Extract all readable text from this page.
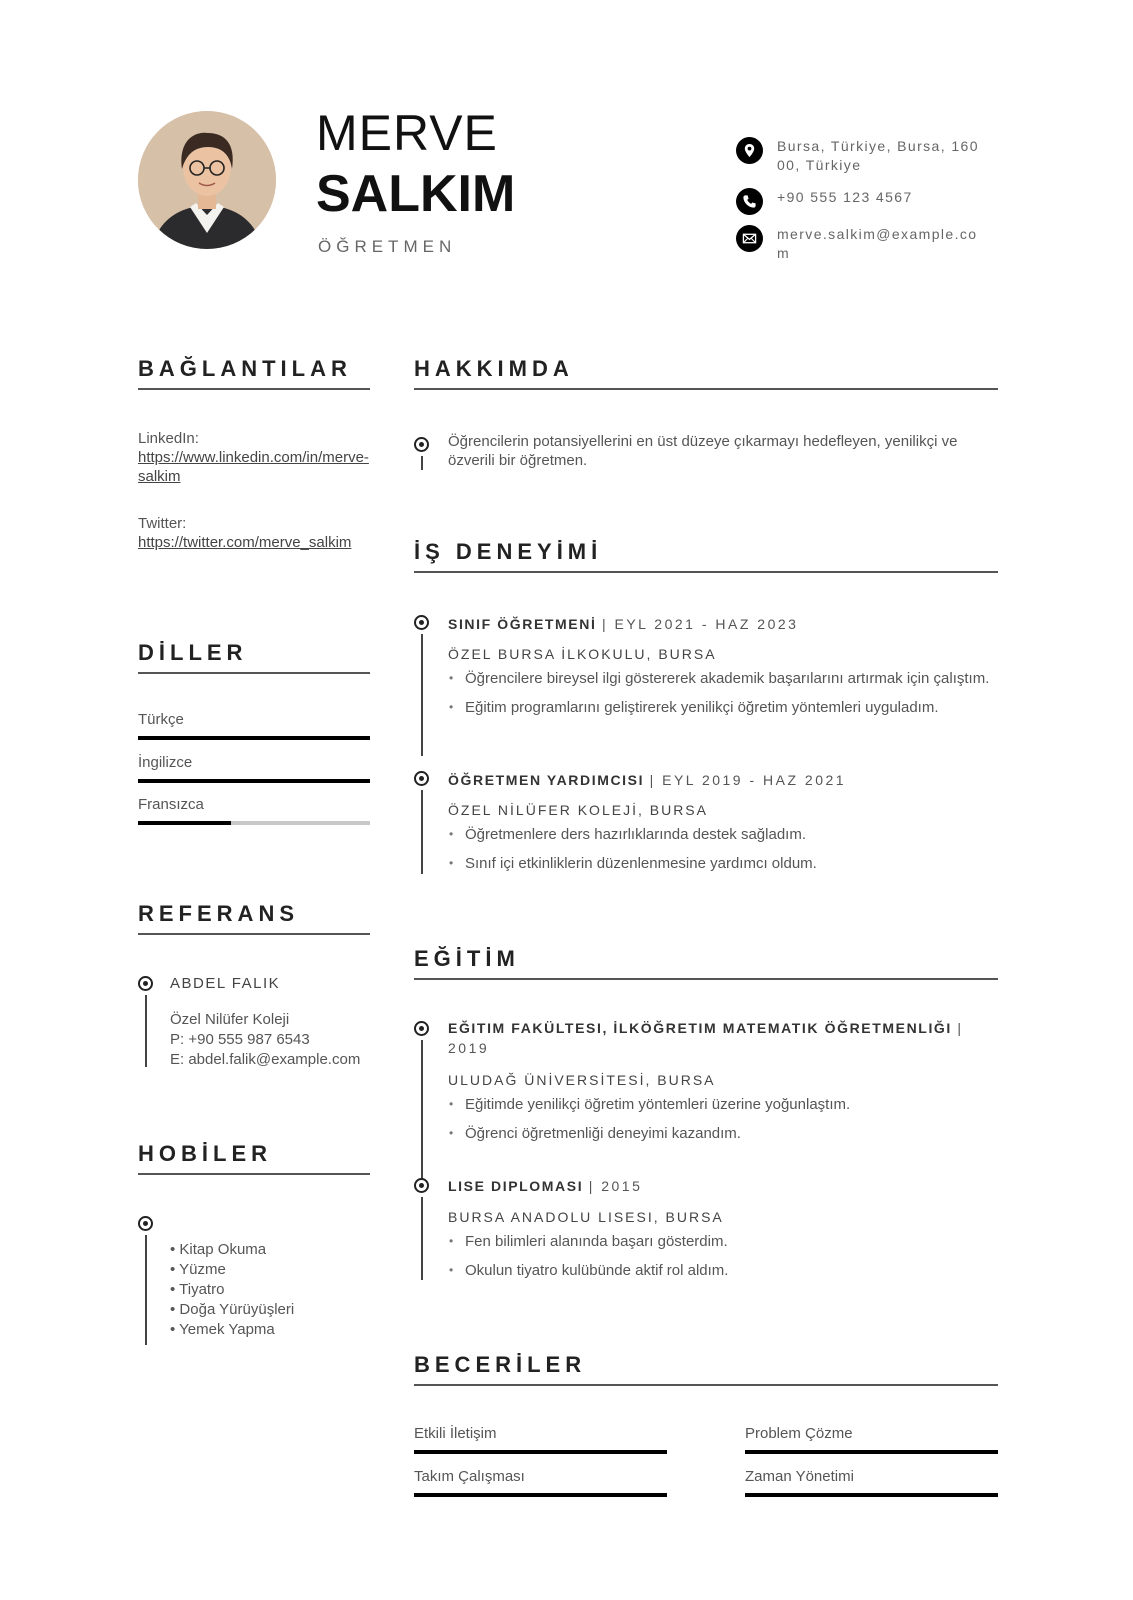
MERVE
SALKIM
ÖĞRETMEN
Bursa, Türkiye, Bursa, 16000, Türkiye
+90 555 123 4567
merve.salkim@example.com
BAĞLANTILAR
LinkedIn:
https://www.linkedin.com/in/merve-salkim
Twitter:
https://twitter.com/merve_salkim
DİLLER
Türkçe
İngilizce
Fransızca
REFERANS
ABDEL FALIK
Özel Nilüfer Koleji
P: +90 555 987 6543
E: abdel.falik@example.com
HOBİLER
• Kitap Okuma
• Yüzme
• Tiyatro
• Doğa Yürüyüşleri
• Yemek Yapma
HAKKIMDA
Öğrencilerin potansiyellerini en üst düzeye çıkarmayı hedefleyen, yenilikçi ve özverili bir öğretmen.
İŞ DENEYİMİ
SINIF ÖĞRETMENİ | EYL 2021 - HAZ 2023
ÖZEL BURSA İLKOKULU, BURSA
• Öğrencilere bireysel ilgi göstererek akademik başarılarını artırmak için çalıştım.
• Eğitim programlarını geliştirerek yenilikçi öğretim yöntemleri uyguladım.
ÖĞRETMEN YARDIMCISI | EYL 2019 - HAZ 2021
ÖZEL NİLÜFER KOLEJİ, BURSA
• Öğretmenlere ders hazırlıklarında destek sağladım.
• Sınıf içi etkinliklerin düzenlenmesine yardımcı oldum.
EĞİTİM
EĞITIM FAKÜLTESI, İLKÖĞRETIM MATEMATIK ÖĞRETMENLIĞI | 2019
ULUDAĞ ÜNİVERSİTESİ, BURSA
• Eğitimde yenilikçi öğretim yöntemleri üzerine yoğunlaştım.
• Öğrenci öğretmenliği deneyimi kazandım.
LISE DIPLOMASI | 2015
BURSA ANADOLU LISESI, BURSA
• Fen bilimleri alanında başarı gösterdim.
• Okulun tiyatro kulübünde aktif rol aldım.
BECERİLER
Etkili İletişim	Problem Çözme
Takım Çalışması	Zaman Yönetimi
